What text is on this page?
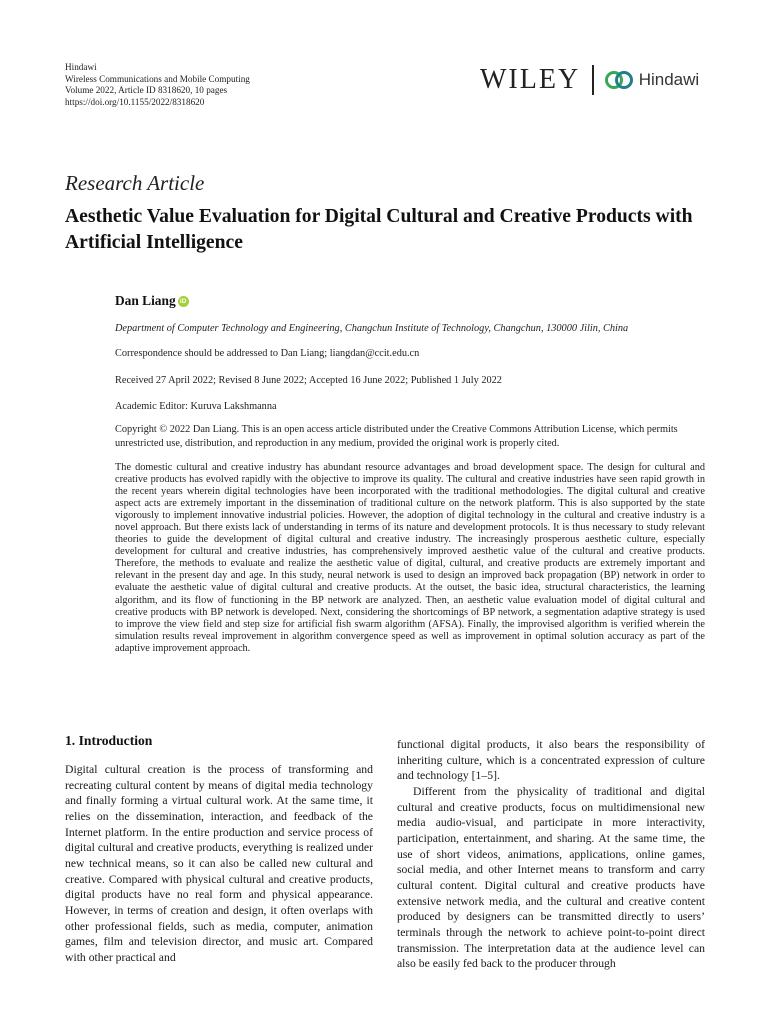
Hindawi
Wireless Communications and Mobile Computing
Volume 2022, Article ID 8318620, 10 pages
https://doi.org/10.1155/2022/8318620
WILEY	Hindawi
Research Article
Aesthetic Value Evaluation for Digital Cultural and Creative Products with Artificial Intelligence
Dan Liang iD
Department of Computer Technology and Engineering, Changchun Institute of Technology, Changchun, 130000 Jilin, China
Correspondence should be addressed to Dan Liang; liangdan@ccit.edu.cn
Received 27 April 2022; Revised 8 June 2022; Accepted 16 June 2022; Published 1 July 2022
Academic Editor: Kuruva Lakshmanna
Copyright © 2022 Dan Liang. This is an open access article distributed under the Creative Commons Attribution License, which permits unrestricted use, distribution, and reproduction in any medium, provided the original work is properly cited.
The domestic cultural and creative industry has abundant resource advantages and broad development space. The design for cultural and creative products has evolved rapidly with the objective to improve its quality. The cultural and creative industries have seen rapid growth in the recent years wherein digital technologies have been incorporated with the traditional methodologies. The digital cultural and creative aspect acts are extremely important in the dissemination of traditional culture on the network platform. This is also supported by the state vigorously to implement innovative industrial policies. However, the adoption of digital technology in the cultural and creative industry is a novel approach. But there exists lack of understanding in terms of its nature and development protocols. It is thus necessary to study relevant theories to guide the development of digital cultural and creative industry. The increasingly prosperous aesthetic culture, especially development for cultural and creative industries, has comprehensively improved aesthetic value of the cultural and creative products. Therefore, the methods to evaluate and realize the aesthetic value of digital, cultural, and creative products are extremely important and relevant in the present day and age. In this study, neural network is used to design an improved back propagation (BP) network in order to evaluate the aesthetic value of digital cultural and creative products. At the outset, the basic idea, structural characteristics, the learning algorithm, and its flow of functioning in the BP network are analyzed. Then, an aesthetic value evaluation model of digital cultural and creative products with BP network is developed. Next, considering the shortcomings of BP network, a segmentation adaptive strategy is used to improve the view field and step size for artificial fish swarm algorithm (AFSA). Finally, the improvised algorithm is verified wherein the simulation results reveal improvement in algorithm convergence speed as well as improvement in optimal solution accuracy as part of the adaptive improvement approach.
1. Introduction

Digital cultural creation is the process of transforming and recreating cultural content by means of digital media technology and finally forming a virtual cultural work. At the same time, it relies on the dissemination, interaction, and feedback of the Internet platform. In the entire production and service process of digital cultural and creative products, everything is realized under new technical means, so it can also be called new cultural and creative. Compared with physical cultural and creative products, digital products have no real form and physical appearance. However, in terms of creation and design, it often overlaps with other professional fields, such as media, computer, animation games, film and television director, and music art. Compared with other practical and

functional digital products, it also bears the responsibility of inheriting culture, which is a concentrated expression of culture and technology [1–5].

Different from the physicality of traditional and digital cultural and creative products, focus on multidimensional new media audio-visual, and participate in more interactivity, participation, entertainment, and sharing. At the same time, the use of short videos, animations, applications, online games, social media, and other Internet means to transform and carry cultural content. Digital cultural and creative products have extensive network media, and the cultural and creative content produced by designers can be transmitted directly to users’ terminals through the network to achieve point-to-point direct transmission. The interpretation data at the audience level can also be easily fed back to the producer through
